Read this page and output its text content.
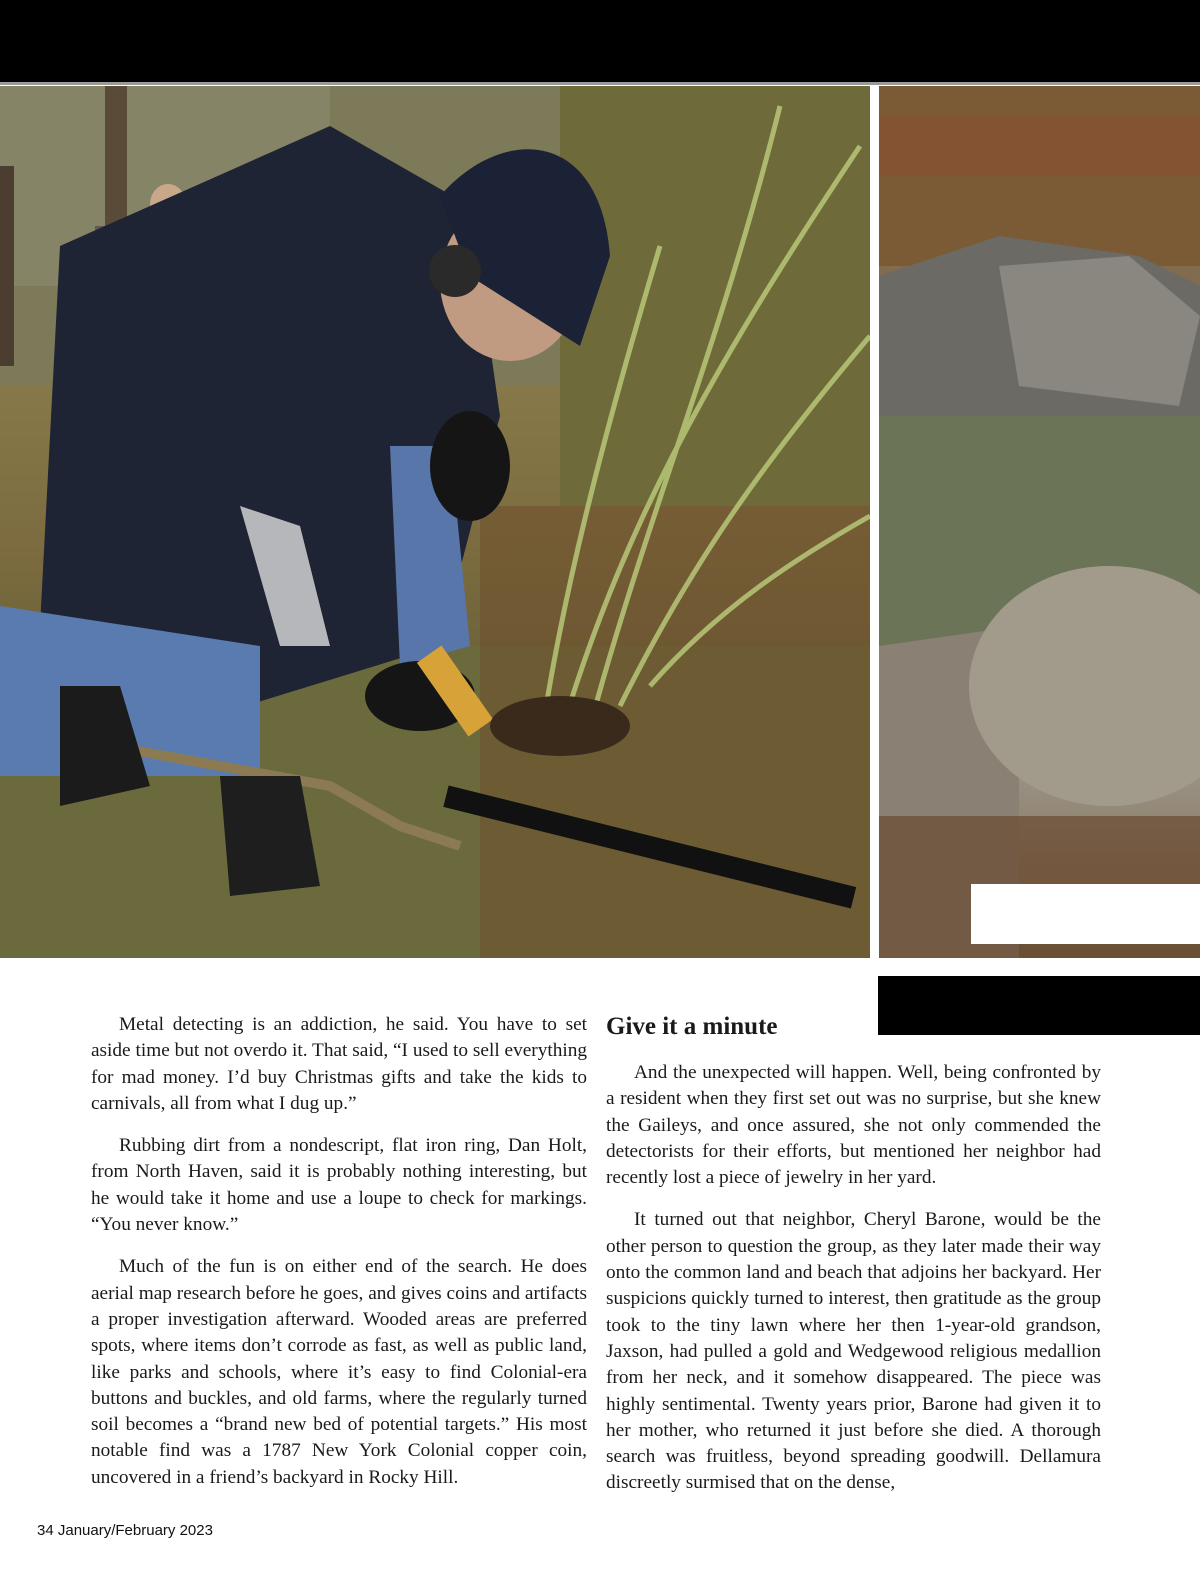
Metal detecting is an addiction, he said. You have to set aside time but not overdo it. That said, “I used to sell everything for mad money. I’d buy Christmas gifts and take the kids to carnivals, all from what I dug up.”

Rubbing dirt from a nondescript, flat iron ring, Dan Holt, from North Haven, said it is probably nothing interesting, but he would take it home and use a loupe to check for markings. “You never know.”

Much of the fun is on either end of the search. He does aerial map research before he goes, and gives coins and artifacts a proper investigation afterward. Wooded areas are preferred spots, where items don’t corrode as fast, as well as public land, like parks and schools, where it’s easy to find Colonial-era buttons and buckles, and old farms, where the regularly turned soil becomes a “brand new bed of potential targets.” His most notable find was a 1787 New York Colonial copper coin, uncovered in a friend’s backyard in Rocky Hill.

Give it a minute

And the unexpected will happen. Well, being confronted by a resident when they first set out was no surprise, but she knew the Gaileys, and once assured, she not only commended the detectorists for their efforts, but mentioned her neighbor had recently lost a piece of jewelry in her yard.

It turned out that neighbor, Cheryl Barone, would be the other person to question the group, as they later made their way onto the common land and beach that adjoins her backyard. Her suspicions quickly turned to interest, then gratitude as the group took to the tiny lawn where her then 1-year-old grandson, Jaxson, had pulled a gold and Wedgewood religious medallion from her neck, and it somehow disappeared. The piece was highly sentimental. Twenty years prior, Barone had given it to her mother, who returned it just before she died. A thorough search was fruitless, beyond spreading goodwill. Dellamura discreetly surmised that on the dense,

34 January/February 2023
